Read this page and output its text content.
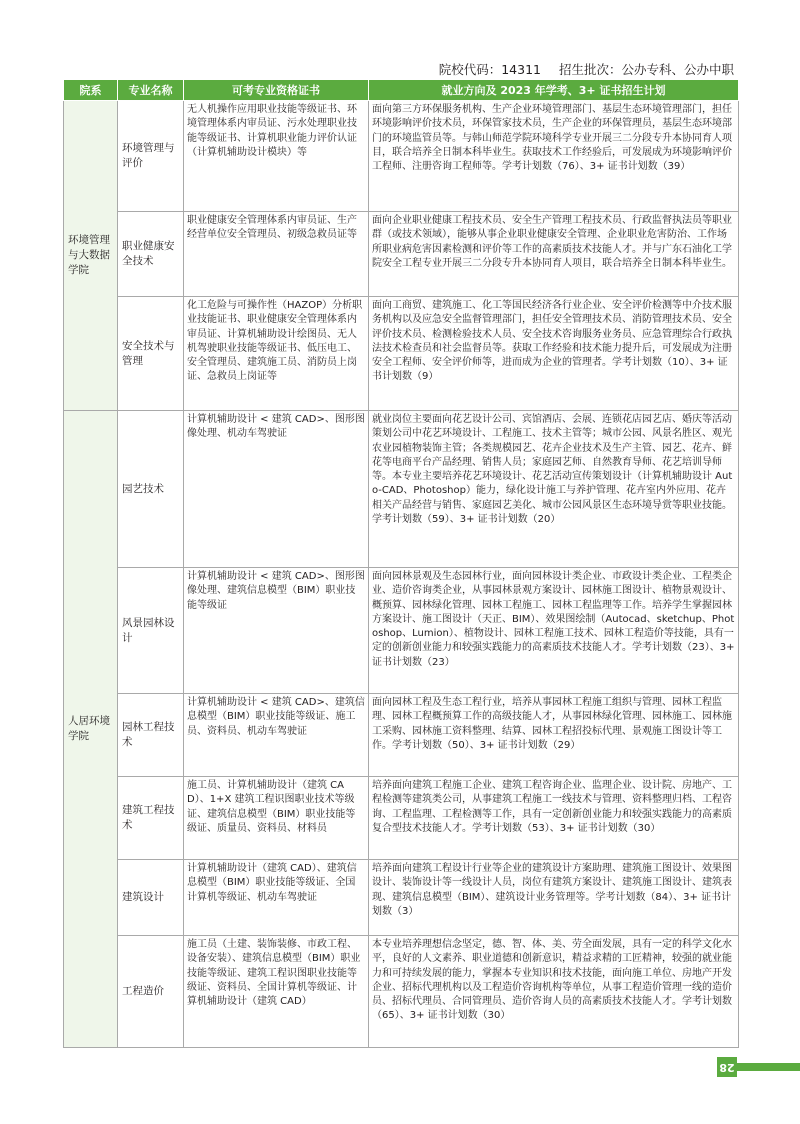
院校代码：14311 招生批次：公办专科、公办中职
院系	专业名称	可考专业资格证书	就业方向及 2023 年学考、3+ 证书招生计划
环境管理与大数据学院	环境管理与评价	无人机操作应用职业技能等级证书、环境管理体系内审员证、污水处理职业技能等级证书、计算机职业能力评价认证（计算机辅助设计模块）等	面向第三方环保服务机构、生产企业环境管理部门、基层生态环境管理部门，担任环境影响评价技术员，环保管家技术员，生产企业的环保管理员，基层生态环境部门的环境监管员等。与韩山师范学院环境科学专业开展三二分段专升本协同育人项目，联合培养全日制本科毕业生。获取技术工作经验后，可发展成为环境影响评价工程师、注册咨询工程师等。学考计划数（76）、3+ 证书计划数（39）
	职业健康安全技术	职业健康安全管理体系内审员证、生产经营单位安全管理员、初级急救员证等	面向企业职业健康工程技术员、安全生产管理工程技术员、行政监督执法员等职业群（或技术领域），能够从事企业职业健康安全管理、企业职业危害防治、工作场所职业病危害因素检测和评价等工作的高素质技术技能人才。并与广东石油化工学院安全工程专业开展三二分段专升本协同育人项目，联合培养全日制本科毕业生。
	安全技术与管理	化工危险与可操作性（HAZOP）分析职业技能证书、职业健康安全管理体系内审员证、计算机辅助设计绘图员、无人机驾驶职业技能等级证书、低压电工、安全管理员、建筑施工员、消防员上岗证、急救员上岗证等	面向工商贸、建筑施工、化工等国民经济各行业企业、安全评价检测等中介技术服务机构以及应急安全监督管理部门，担任安全管理技术员、消防管理技术员、安全评价技术员、检测检验技术人员、安全技术咨询服务业务员、应急管理综合行政执法技术检查员和社会监督员等。获取工作经验和技术能力提升后，可发展成为注册安全工程师、安全评价师等，进而成为企业的管理者。学考计划数（10）、3+ 证书计划数（9）
人居环境学院	园艺技术	计算机辅助设计 < 建筑 CAD>、图形图像处理、机动车驾驶证	就业岗位主要面向花艺设计公司、宾馆酒店、会展、连锁花店园艺店、婚庆等活动策划公司中花艺环境设计、工程施工、技术主管等；城市公园、风景名胜区、观光农业园植物装饰主管；各类规模园艺、花卉企业技术及生产主管、园艺、花卉、鲜花等电商平台产品经理、销售人员；家庭园艺师、自然教育导师、花艺培训导师等。本专业主要培养花艺环境设计、花艺活动宣传策划设计（计算机辅助设计 Auto-CAD、Photoshop）能力，绿化设计施工与养护管理、花卉室内外应用、花卉相关产品经营与销售、家庭园艺美化、城市公园风景区生态环境导赏等职业技能。学考计划数（59）、3+ 证书计划数（20）
	风景园林设计	计算机辅助设计 < 建筑 CAD>、图形图像处理、建筑信息模型（BIM）职业技能等级证	面向园林景观及生态园林行业，面向园林设计类企业、市政设计类企业、工程类企业、造价咨询类企业，从事园林景观方案设计、园林施工图设计、植物景观设计、概预算、园林绿化管理、园林工程施工、园林工程监理等工作。培养学生掌握园林方案设计、施工图设计（天正、BIM）、效果图绘制（Autocad、sketchup、Photoshop、Lumion）、植物设计、园林工程施工技术、园林工程造价等技能，具有一定的创新创业能力和较强实践能力的高素质技术技能人才。学考计划数（23）、3+ 证书计划数（23）
	园林工程技术	计算机辅助设计 < 建筑 CAD>、建筑信息模型（BIM）职业技能等级证、施工员、资料员、机动车驾驶证	面向园林工程及生态工程行业，培养从事园林工程施工组织与管理、园林工程监理、园林工程概预算工作的高级技能人才，从事园林绿化管理、园林施工、园林施工采购、园林施工资料整理、结算、园林工程招投标代理、景观施工图设计等工作。学考计划数（50）、3+ 证书计划数（29）
	建筑工程技术	施工员、计算机辅助设计（建筑 CAD）、1+X 建筑工程识图职业技术等级证、建筑信息模型（BIM）职业技能等级证、质量员、资料员、材料员	培养面向建筑工程施工企业、建筑工程咨询企业、监理企业、设计院、房地产、工程检测等建筑类公司，从事建筑工程施工一线技术与管理、资料整理归档、工程咨询、工程监理、工程检测等工作，具有一定创新创业能力和较强实践能力的高素质复合型技术技能人才。学考计划数（53）、3+ 证书计划数（30）
	建筑设计	计算机辅助设计（建筑 CAD）、建筑信息模型（BIM）职业技能等级证、全国计算机等级证、机动车驾驶证	培养面向建筑工程设计行业等企业的建筑设计方案助理、建筑施工图设计、效果图设计、装饰设计等一线设计人员，岗位有建筑方案设计、建筑施工图设计、建筑表现、建筑信息模型（BIM）、建筑设计业务管理等。学考计划数（84）、3+ 证书计划数（3）
	工程造价	施工员（土建、装饰装修、市政工程、设备安装）、建筑信息模型（BIM）职业技能等级证、建筑工程识图职业技能等级证、资料员、全国计算机等级证、计算机辅助设计（建筑 CAD）	本专业培养理想信念坚定，德、智、体、美、劳全面发展，具有一定的科学文化水平，良好的人文素养、职业道德和创新意识，精益求精的工匠精神，较强的就业能力和可持续发展的能力，掌握本专业知识和技术技能，面向施工单位、房地产开发企业、招标代理机构以及工程造价咨询机构等单位，从事工程造价管理一线的造价员、招标代理员、合同管理员、造价咨询人员的高素质技术技能人才。学考计划数（65）、3+ 证书计划数（30）
28
